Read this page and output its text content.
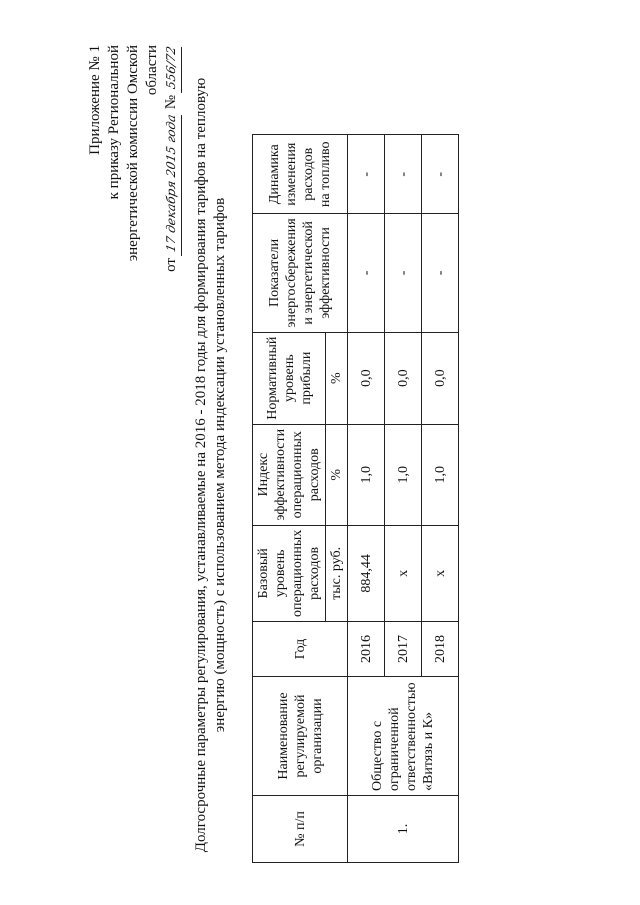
Приложение № 1 к приказу Региональной энергетической комиссии Омской области
от 17 декабря 2015 года № 556/72
Долгосрочные параметры регулирования, устанавливаемые на 2016 - 2018 годы для формирования тарифов на тепловую энергию (мощность) с использованием метода индексации установленных тарифов
№ п/п	Наименование регулируемой организации	Год	Базовый уровень операционных расходов	Индекс эффективности операционных расходов	Нормативный уровень прибыли	Показатели энергосбережения и энергетической эффективности	Динамика изменения расходов на топливо
			тыс. руб.	%	%		
1.	Общество с ограниченной ответственностью «Витязь и К»	2016	884,44	1,0	0,0	-	-
		2017	х	1,0	0,0	-	-
		2018	х	1,0	0,0	-	-
